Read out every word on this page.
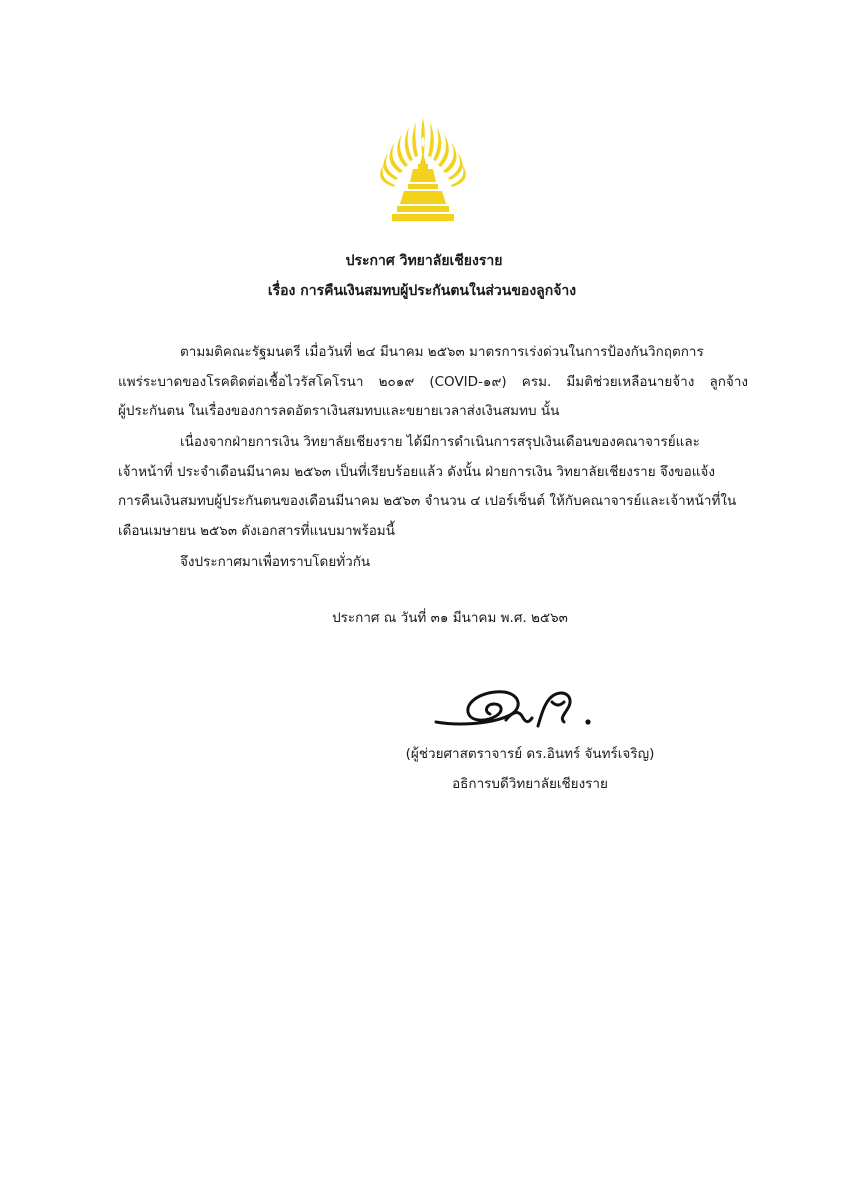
ประกาศ วิทยาลัยเชียงราย
เรื่อง การคืนเงินสมทบผู้ประกันตนในส่วนของลูกจ้าง
ตามมติคณะรัฐมนตรี เมื่อวันที่ ๒๔ มีนาคม ๒๕๖๓ มาตรการเร่งด่วนในการป้องกันวิกฤตการ
แพร่ระบาดของโรคติดต่อเชื้อไวรัสโคโรนา ๒๐๑๙ (COVID-๑๙) ครม. มีมติช่วยเหลือนายจ้าง ลูกจ้าง
ผู้ประกันตน ในเรื่องของการลดอัตราเงินสมทบและขยายเวลาส่งเงินสมทบ นั้น
เนื่องจากฝ่ายการเงิน วิทยาลัยเชียงราย ได้มีการดำเนินการสรุปเงินเดือนของคณาจารย์และ
เจ้าหน้าที่ ประจำเดือนมีนาคม ๒๕๖๓ เป็นที่เรียบร้อยแล้ว ดังนั้น ฝ่ายการเงิน วิทยาลัยเชียงราย จึงขอแจ้ง
การคืนเงินสมทบผู้ประกันตนของเดือนมีนาคม ๒๕๖๓ จำนวน ๔ เปอร์เซ็นต์ ให้กับคณาจารย์และเจ้าหน้าที่ใน
เดือนเมษายน ๒๕๖๓ ดังเอกสารที่แนบมาพร้อมนี้
จึงประกาศมาเพื่อทราบโดยทั่วกัน
ประกาศ ณ วันที่ ๓๑ มีนาคม พ.ศ. ๒๕๖๓
(ผู้ช่วยศาสตราจารย์ ดร.อินทร์ จันทร์เจริญ)
อธิการบดีวิทยาลัยเชียงราย
